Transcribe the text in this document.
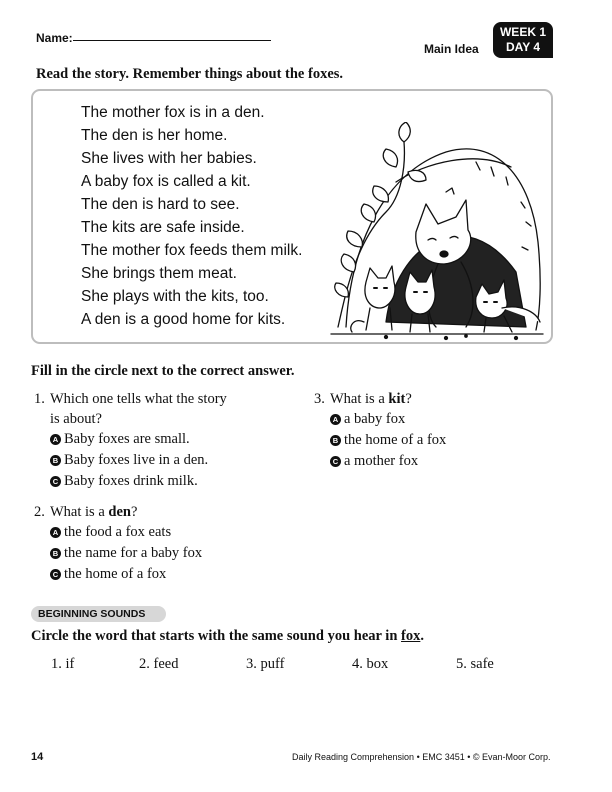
Name:
Main Idea
WEEK 1
DAY 4
Read the story. Remember things about the foxes.
The mother fox is in a den.
The den is her home.
She lives with her babies.
A baby fox is called a kit.
The den is hard to see.
The kits are safe inside.
The mother fox feeds them milk.
She brings them meat.
She plays with the kits, too.
A den is a good home for kits.
Fill in the circle next to the correct answer.
1. Which one tells what the story
is about?
A Baby foxes are small.
B Baby foxes live in a den.
C Baby foxes drink milk.
2. What is a den?
A the food a fox eats
B the name for a baby fox
C the home of a fox
3. What is a kit?
A a baby fox
B the home of a fox
C a mother fox
BEGINNING SOUNDS
Circle the word that starts with the same sound you hear in fox.
1. if	2. feed	3. puff	4. box	5. safe
14	Daily Reading Comprehension • EMC 3451 • © Evan-Moor Corp.
